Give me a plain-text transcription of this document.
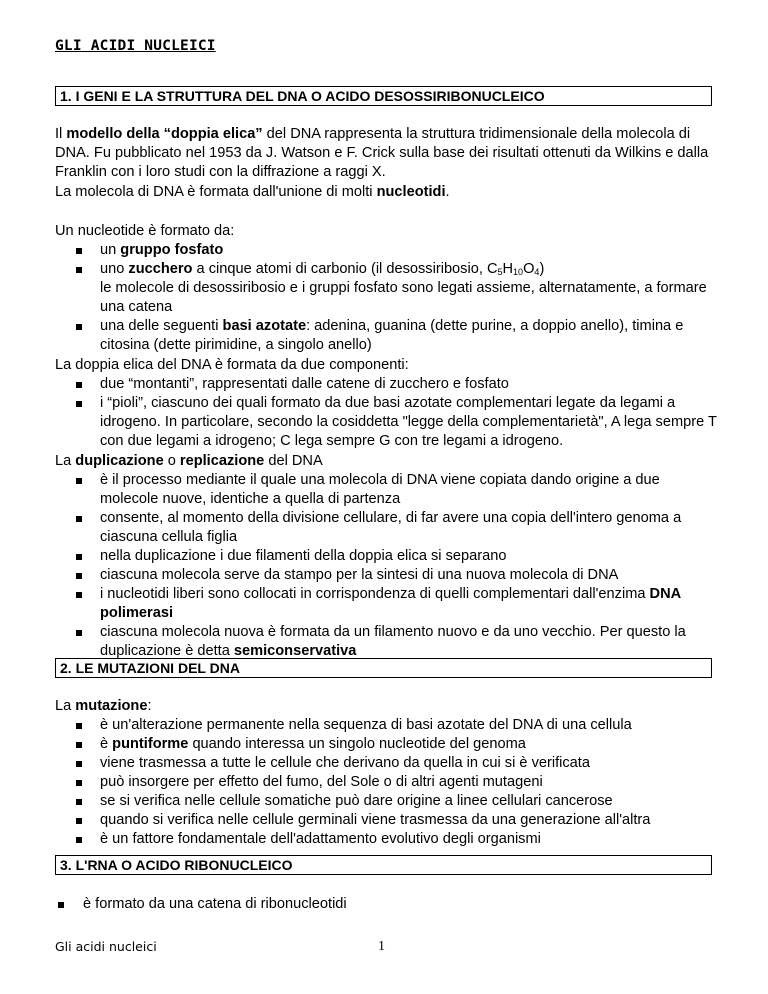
GLI ACIDI NUCLEICI
1. I GENI E LA STRUTTURA DEL DNA O ACIDO DESOSSIRIBONUCLEICO
Il modello della “doppia elica” del DNA rappresenta la struttura tridimensionale della molecola di DNA. Fu pubblicato nel 1953 da J. Watson e F. Crick sulla base dei risultati ottenuti da Wilkins e dalla Franklin con i loro studi con la diffrazione a raggi X.
La molecola di DNA è formata dall'unione di molti nucleotidi.
Un nucleotide è formato da:
un gruppo fosfato
uno zucchero a cinque atomi di carbonio (il desossiribosio, $C_5H_{10}O_4$)
le molecole di desossiribosio e i gruppi fosfato sono legati assieme, alternatamente, a formare una catena
una delle seguenti basi azotate: adenina, guanina (dette purine, a doppio anello), timina e citosina (dette pirimidine, a singolo anello)
La doppia elica del DNA è formata da due componenti:
due “montanti”, rappresentati dalle catene di zucchero e fosfato
i “pioli”, ciascuno dei quali formato da due basi azotate complementari legate da legami a idrogeno. In particolare, secondo la cosiddetta "legge della complementarietà", A lega sempre T con due legami a idrogeno; C lega sempre G con tre legami a idrogeno.
La duplicazione o replicazione del DNA
è il processo mediante il quale una molecola di DNA viene copiata dando origine a due molecole nuove, identiche a quella di partenza
consente, al momento della divisione cellulare, di far avere una copia dell'intero genoma a ciascuna cellula figlia
nella duplicazione i due filamenti della doppia elica si separano
ciascuna molecola serve da stampo per la sintesi di una nuova molecola di DNA
i nucleotidi liberi sono collocati in corrispondenza di quelli complementari dall'enzima DNA polimerasi
ciascuna molecola nuova è formata da un filamento nuovo e da uno vecchio. Per questo la duplicazione è detta semiconservativa
2. LE MUTAZIONI DEL DNA
La mutazione:
è un'alterazione permanente nella sequenza di basi azotate del DNA di una cellula
è puntiforme quando interessa un singolo nucleotide del genoma
viene trasmessa a tutte le cellule che derivano da quella in cui si è verificata
può insorgere per effetto del fumo, del Sole o di altri agenti mutageni
se si verifica nelle cellule somatiche può dare origine a linee cellulari cancerose
quando si verifica nelle cellule germinali viene trasmessa da una generazione all'altra
è un fattore fondamentale dell'adattamento evolutivo degli organismi
3. L'RNA O ACIDO RIBONUCLEICO
è formato da una catena di ribonucleotidi
Gli acidi nucleici	1
